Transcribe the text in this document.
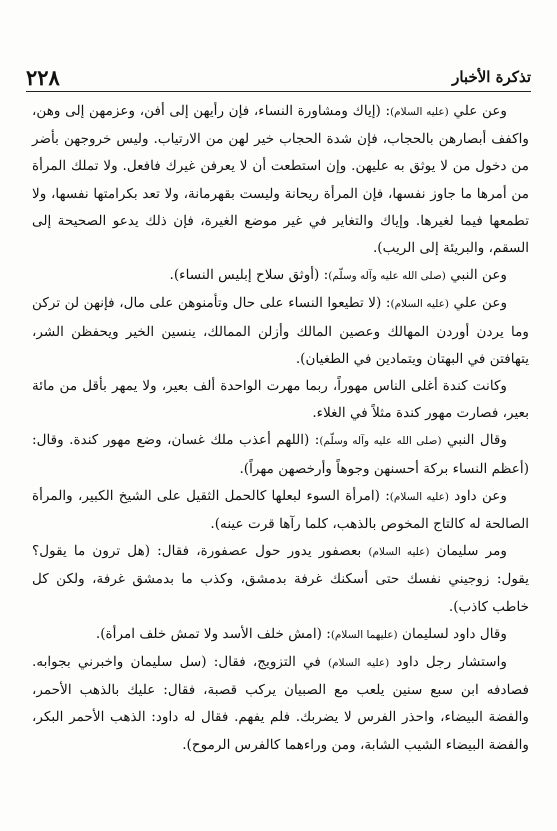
تذكرة الأخبار
٢٢٨

وعن علي (عليه السلام): (إياك ومشاورة النساء، فإن رأيهن إلى أفن، وعزمهن إلى وهن، واكفف أبصارهن بالحجاب، فإن شدة الحجاب خير لهن من الارتياب. وليس خروجهن بأضر من دخول من لا يوثق به عليهن. وإن استطعت أن لا يعرفن غيرك فافعل. ولا تملك المرأة من أمرها ما جاوز نفسها، فإن المرأة ريحانة وليست بقهرمانة، ولا تعد بكرامتها نفسها، ولا تطمعها فيما لغيرها. وإياك والتغاير في غير موضع الغيرة، فإن ذلك يدعو الصحيحة إلى السقم، والبريئة إلى الريب).

وعن النبي (صلى الله عليه وآله وسلّم): (أوثق سلاح إبليس النساء).

وعن علي (عليه السلام): (لا تطيعوا النساء على حال وتأمنوهن على مال، فإنهن لن تركن وما يردن أوردن المهالك وعصين المالك وأزلن الممالك، ينسين الخير ويحفظن الشر، يتهافتن في البهتان ويتمادين في الطغيان).

وكانت كندة أغلى الناس مهوراً، ربما مهرت الواحدة ألف بعير، ولا يمهر بأقل من مائة بعير، فصارت مهور كندة مثلاً في الغلاء.

وقال النبي (صلى الله عليه وآله وسلّم): (اللهم أعذب ملك غسان، وضع مهور كندة. وقال: (أعظم النساء بركة أحسنهن وجوهاً وأرخصهن مهراً).

وعن داود (عليه السلام): (امرأة السوء لبعلها كالحمل الثقيل على الشيخ الكبير، والمرأة الصالحة له كالتاج المخوص بالذهب، كلما رآها قرت عينه).

ومر سليمان (عليه السلام) بعصفور يدور حول عصفورة، فقال: (هل ترون ما يقول؟ يقول: زوجيني نفسك حتى أسكنك غرفة بدمشق، وكذب ما بدمشق غرفة، ولكن كل خاطب كاذب).

وقال داود لسليمان (عليهما السلام): (امش خلف الأسد ولا تمش خلف امرأة).

واستشار رجل داود (عليه السلام) في التزويج، فقال: (سل سليمان واخبرني بجوابه. فصادفه ابن سبع سنين يلعب مع الصبيان يركب قصبة، فقال: عليك بالذهب الأحمر، والفضة البيضاء، واحذر الفرس لا يضربك. فلم يفهم. فقال له داود: الذهب الأحمر البكر، والفضة البيضاء الشيب الشابة، ومن وراءهما كالفرس الرموح).
